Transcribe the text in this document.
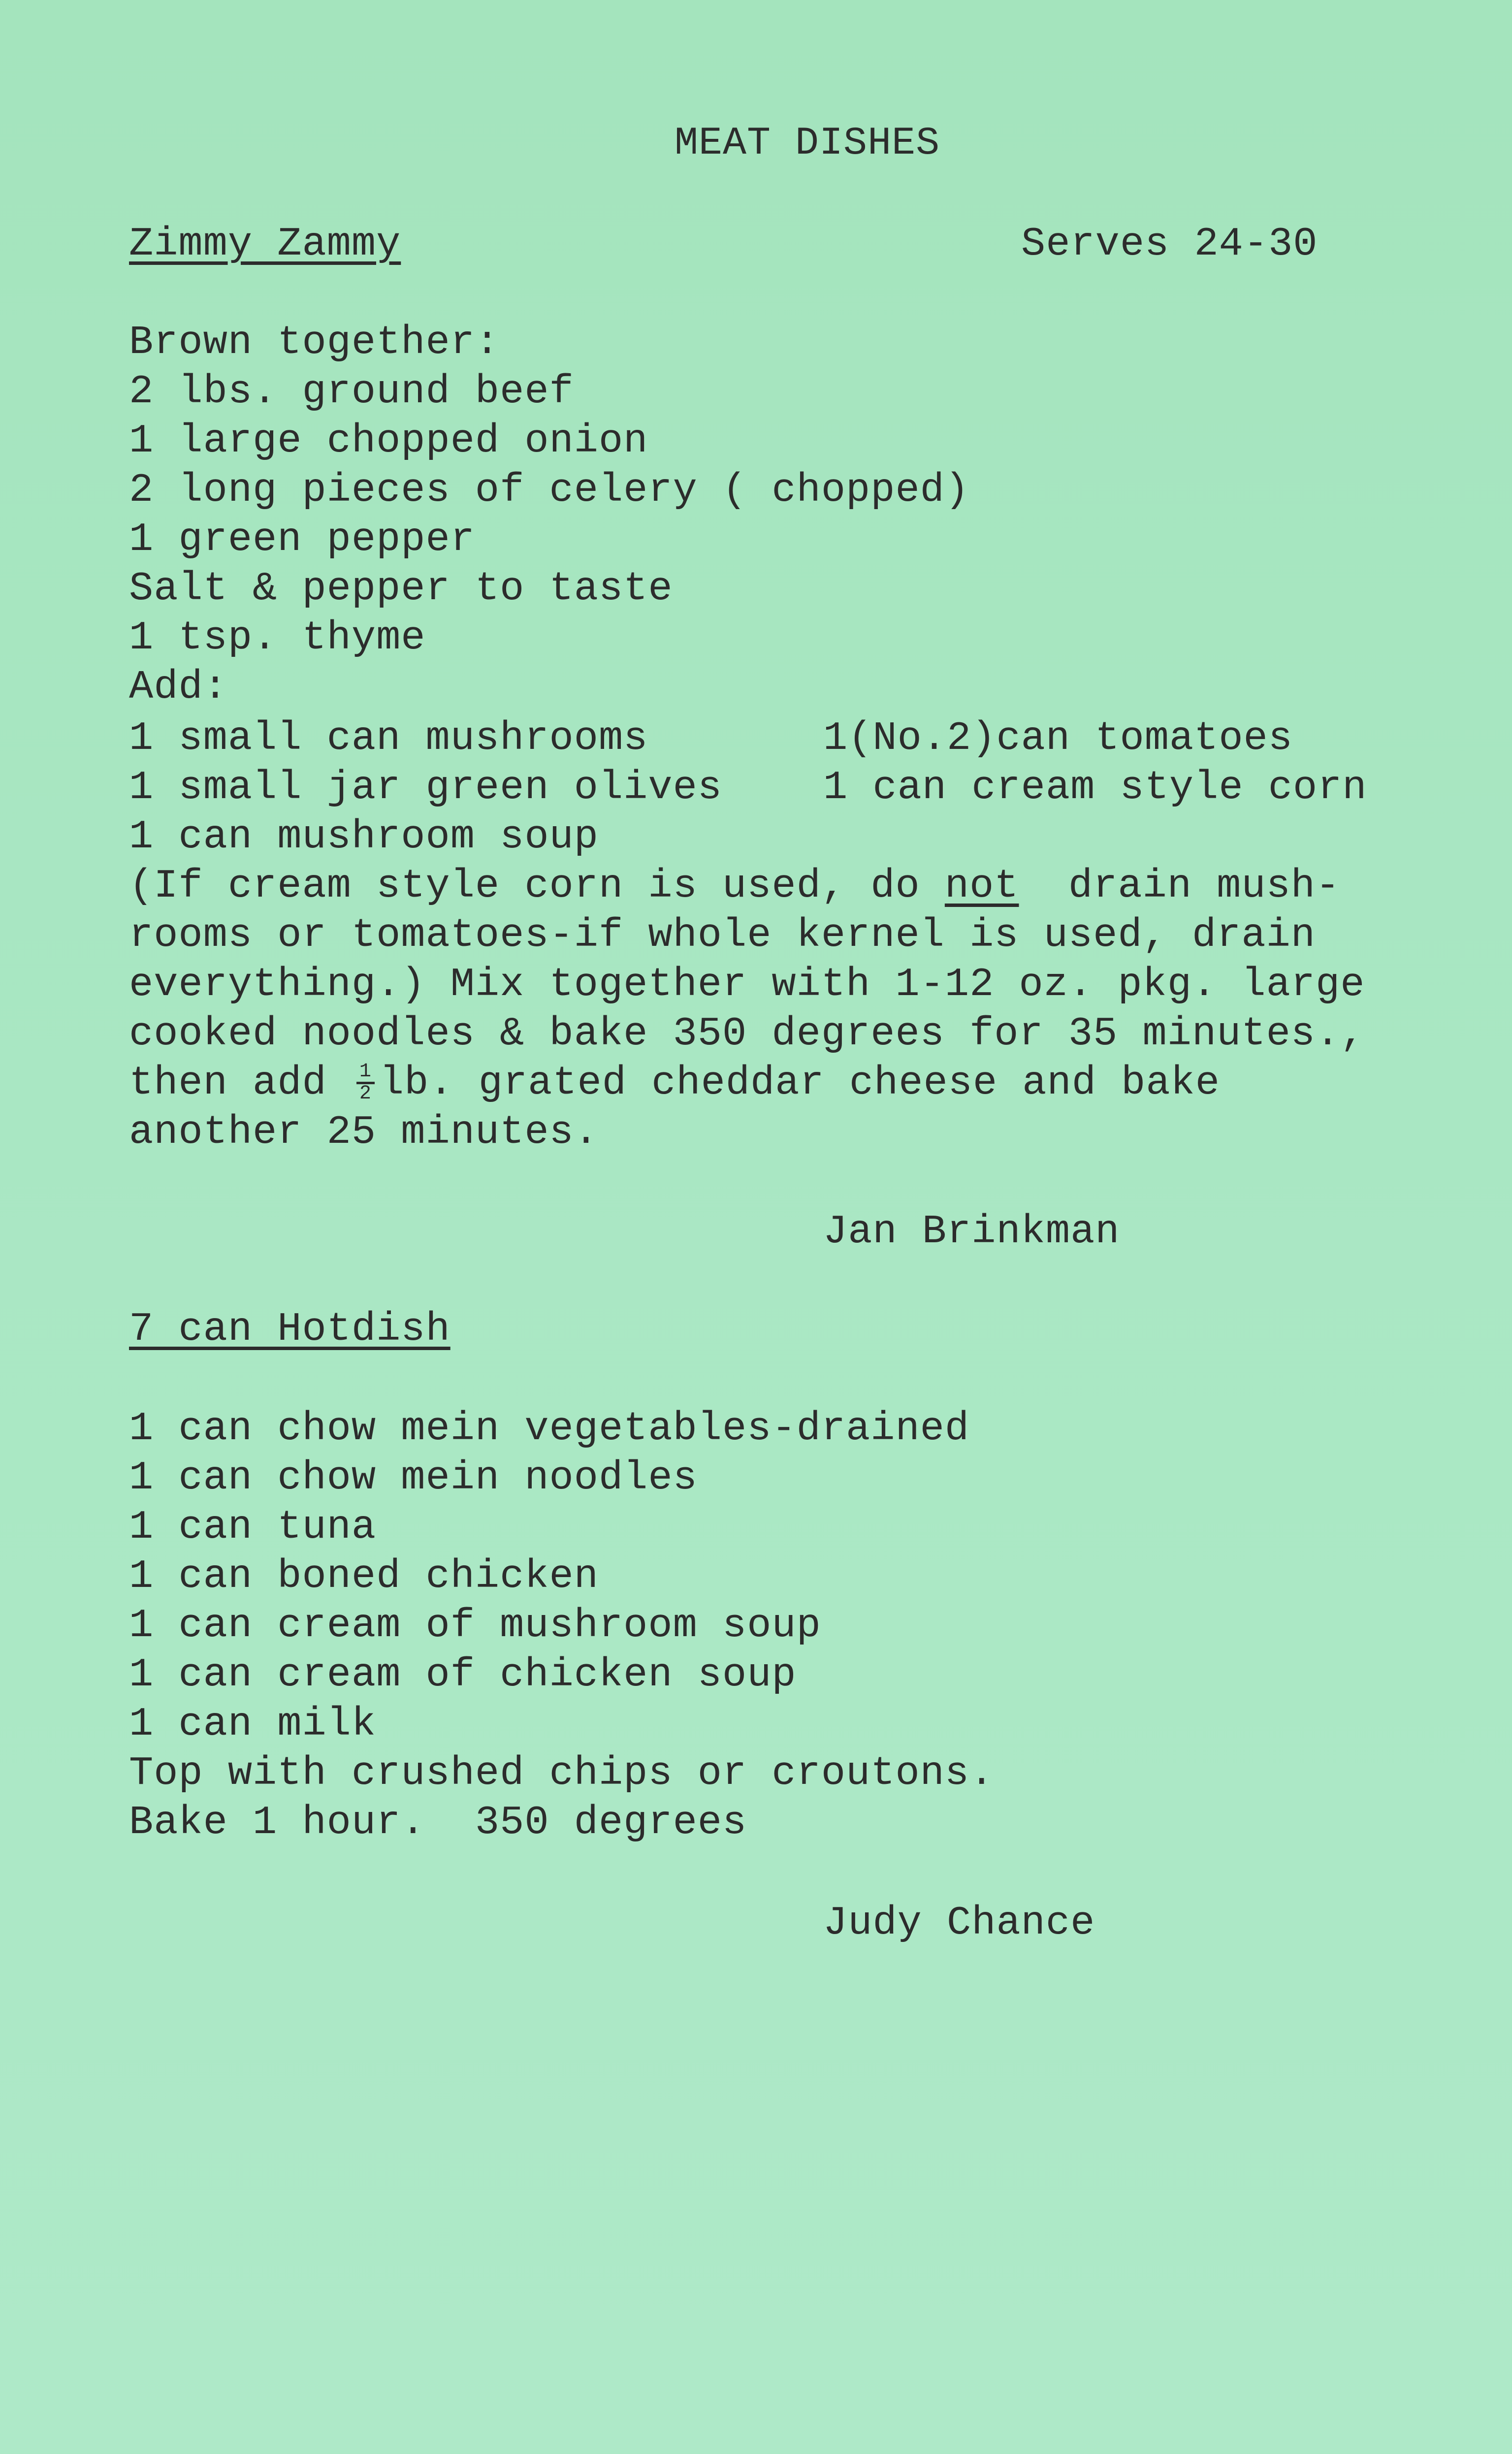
MEAT DISHES
Zimmy Zammy	Serves 24-30
Brown together:
2 lbs. ground beef
1 large chopped onion
2 long pieces of celery ( chopped)
1 green pepper
Salt & pepper to taste
1 tsp. thyme
Add:
1 small can mushrooms
1 small jar green olives
1 can mushroom soup
1(No.2)can tomatoes
1 can cream style corn
(If cream style corn is used, do not  drain mush-
rooms or tomatoes-if whole kernel is used, drain
everything.) Mix together with 1-12 oz. pkg. large
cooked noodles & bake 350 degrees for 35 minutes.,
then add $\frac{1}{2}$ lb. grated cheddar cheese and bake
another 25 minutes.
Jan Brinkman
7 can Hotdish
1 can chow mein vegetables-drained
1 can chow mein noodles
1 can tuna
1 can boned chicken
1 can cream of mushroom soup
1 can cream of chicken soup
1 can milk
Top with crushed chips or croutons.
Bake 1 hour.  350 degrees
Judy Chance
